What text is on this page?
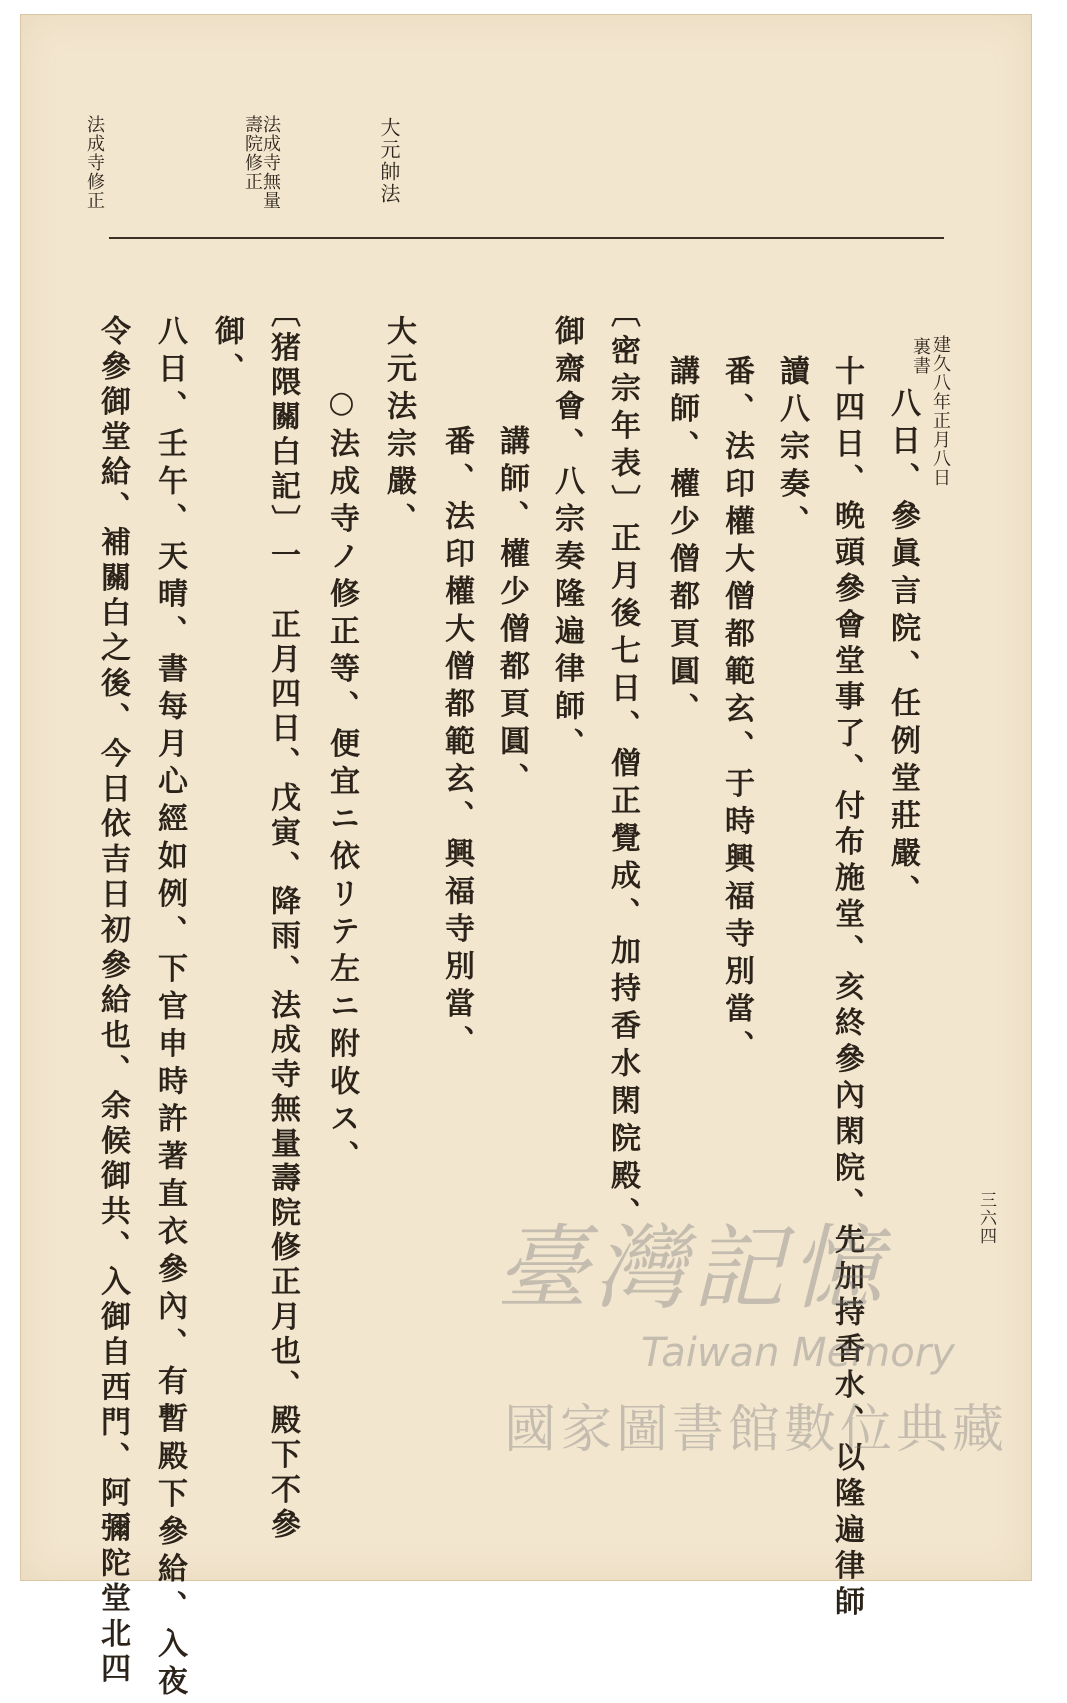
三六四
大元帥法
法成寺無量壽院修正
法成寺修正
建久八年正月八日
裏書
八日、參眞言院、任例堂莊嚴、
十四日、晩頭參會堂事了、付布施堂、亥終參內閑院、先加持香水、以隆遍律師
讀八宗奏、
番、法印權大僧都範玄、于時興福寺別當、
講師、權少僧都頁圓、
〔密宗年表〕正月後七日、僧正覺成、加持香水閑院殿、
御齋會、八宗奏隆遍律師、
講師、權少僧都頁圓、
番、法印權大僧都範玄、興福寺別當、
大元法宗嚴、
○法成寺ノ修正等、便宜ニ依リテ左ニ附收ス、
〔猪隈關白記〕一　正月四日、戊寅、降雨、法成寺無量壽院修正月也、殿下不參
御、
八日、壬午、天晴、書每月心經如例、下官申時許著直衣參內、有暫殿下參給、入夜
令參御堂給、補關白之後、今日依吉日初參給也、余候御共、入御自西門、阿彌陀堂北四	臺灣記憶
Taiwan Memory
國家圖書館數位典藏
